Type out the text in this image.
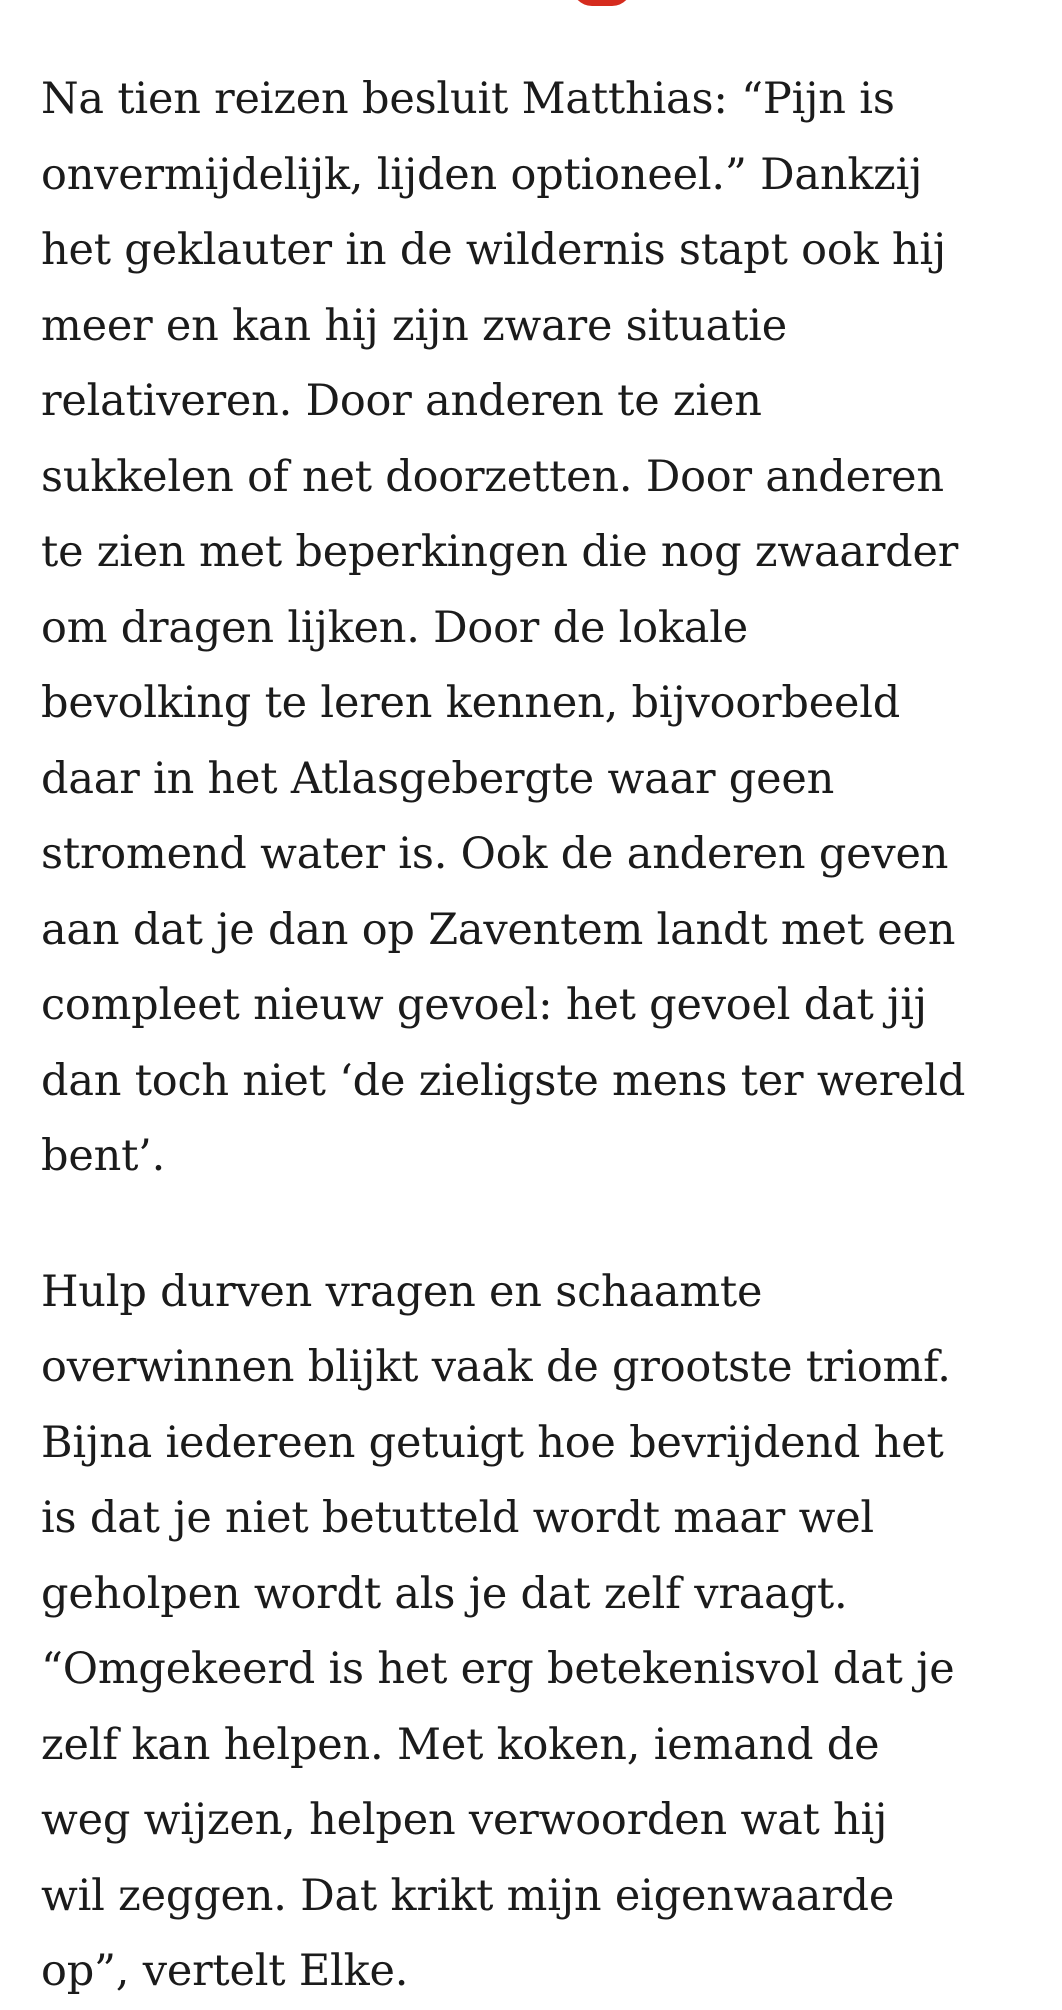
Na tien reizen besluit Matthias: “Pijn is
onvermijdelijk, lijden optioneel.” Dankzij
het geklauter in de wildernis stapt ook hij
meer en kan hij zijn zware situatie
relativeren. Door anderen te zien
sukkelen of net doorzetten. Door anderen
te zien met beperkingen die nog zwaarder
om dragen lijken. Door de lokale
bevolking te leren kennen, bijvoorbeeld
daar in het Atlasgebergte waar geen
stromend water is. Ook de anderen geven
aan dat je dan op Zaventem landt met een
compleet nieuw gevoel: het gevoel dat jij
dan toch niet ‘de zieligste mens ter wereld
bent’.

Hulp durven vragen en schaamte
overwinnen blijkt vaak de grootste triomf.
Bijna iedereen getuigt hoe bevrijdend het
is dat je niet betutteld wordt maar wel
geholpen wordt als je dat zelf vraagt.
“Omgekeerd is het erg betekenisvol dat je
zelf kan helpen. Met koken, iemand de
weg wijzen, helpen verwoorden wat hij
wil zeggen. Dat krikt mijn eigenwaarde
op”, vertelt Elke.
